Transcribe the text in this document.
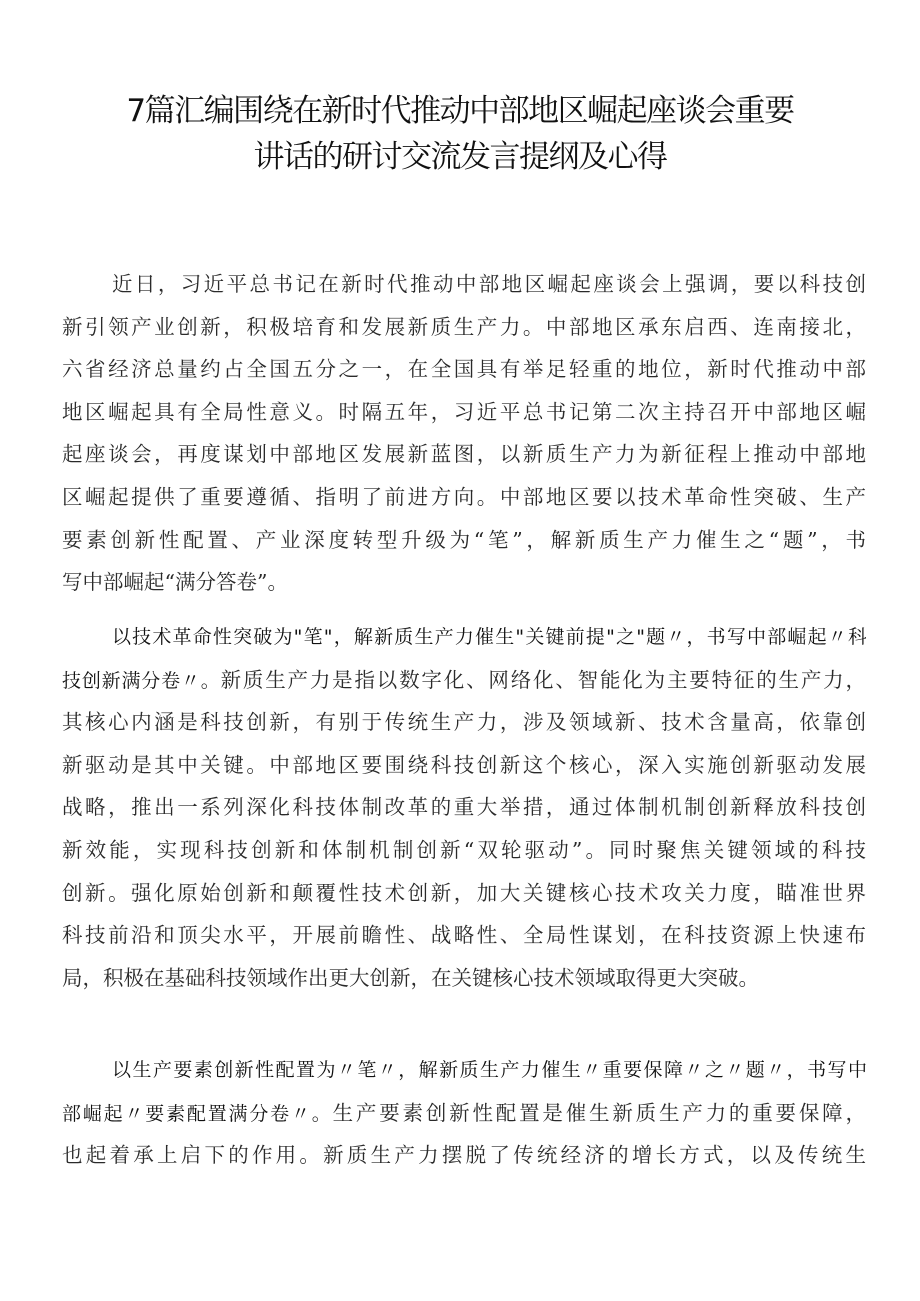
7篇汇编围绕在新时代推动中部地区崛起座谈会重要
讲话的研讨交流发言提纲及心得
近日，习近平总书记在新时代推动中部地区崛起座谈会上强调，要以科技创
新引领产业创新，积极培育和发展新质生产力。中部地区承东启西、连南接北，
六省经济总量约占全国五分之一，在全国具有举足轻重的地位，新时代推动中部
地区崛起具有全局性意义。时隔五年，习近平总书记第二次主持召开中部地区崛
起座谈会，再度谋划中部地区发展新蓝图，以新质生产力为新征程上推动中部地
区崛起提供了重要遵循、指明了前进方向。中部地区要以技术革命性突破、生产
要素创新性配置、产业深度转型升级为“笔”，解新质生产力催生之“题”，书
写中部崛起“满分答卷”。
以技术革命性突破为"笔"，解新质生产力催生"关键前提"之"题〃，书写中部崛起〃科
技创新满分卷〃。新质生产力是指以数字化、网络化、智能化为主要特征的生产力，
其核心内涵是科技创新，有别于传统生产力，涉及领域新、技术含量高，依靠创
新驱动是其中关键。中部地区要围绕科技创新这个核心，深入实施创新驱动发展
战略，推出一系列深化科技体制改革的重大举措，通过体制机制创新释放科技创
新效能，实现科技创新和体制机制创新“双轮驱动”。同时聚焦关键领域的科技
创新。强化原始创新和颠覆性技术创新，加大关键核心技术攻关力度，瞄准世界
科技前沿和顶尖水平，开展前瞻性、战略性、全局性谋划，在科技资源上快速布
局，积极在基础科技领域作出更大创新，在关键核心技术领域取得更大突破。
以生产要素创新性配置为〃笔〃，解新质生产力催生〃重要保障〃之〃题〃，书写中
部崛起〃要素配置满分卷〃。生产要素创新性配置是催生新质生产力的重要保障，
也起着承上启下的作用。新质生产力摆脱了传统经济的增长方式，以及传统生
